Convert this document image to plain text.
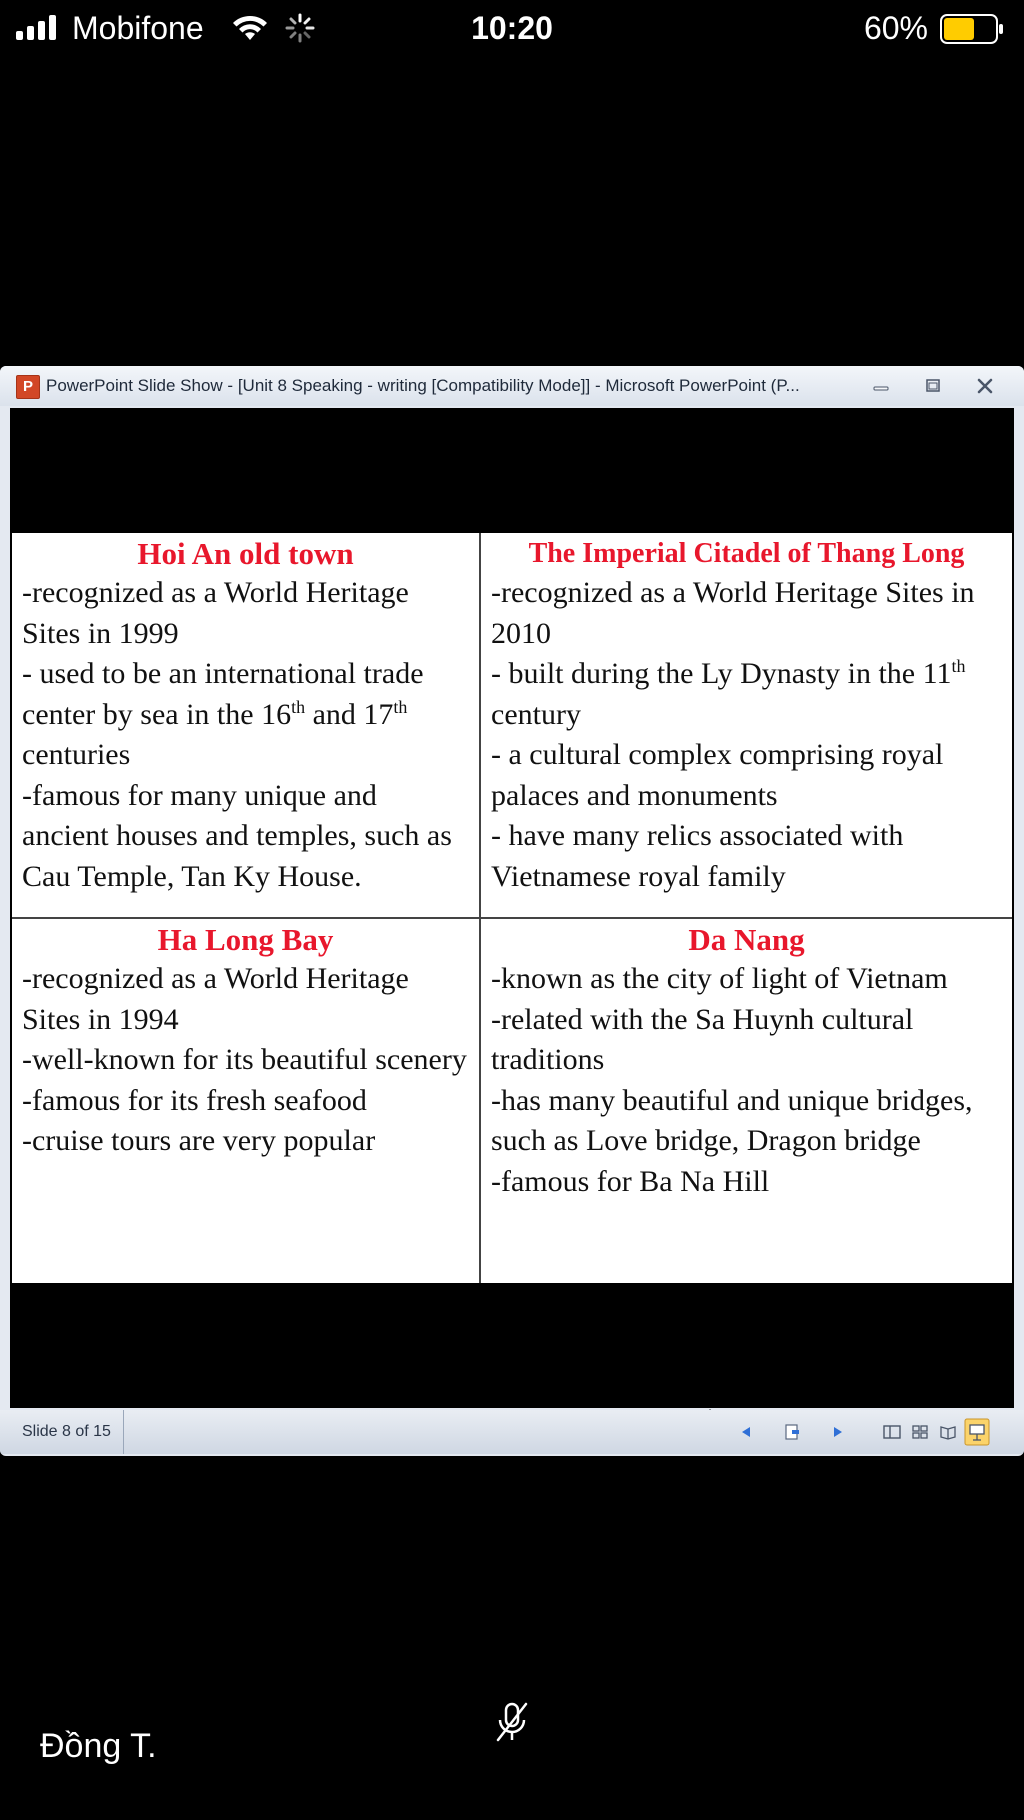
Mobifone	10:20	60%
P PowerPoint Slide Show - [Unit 8 Speaking - writing [Compatibility Mode]] - Microsoft PowerPoint (P...
Hoi An old town

-recognized as a World Heritage Sites in 1999
- used to be an international trade center by sea in the 16th and 17th centuries
-famous for many unique and ancient houses and temples, such as Cau Temple, Tan Ky House.

The Imperial Citadel of Thang Long

-recognized as a World Heritage Sites in 2010
- built during the Ly Dynasty in the 11th century
- a cultural complex comprising royal palaces and monuments
- have many relics associated with Vietnamese royal family

Ha Long Bay

-recognized as a World Heritage Sites in 1994
-well-known for its beautiful scenery
-famous for its fresh seafood
-cruise tours are very popular

Da Nang

-known as the city of light of Vietnam
-related with the Sa Huynh cultural traditions
-has many beautiful and unique bridges, such as Love bridge, Dragon bridge
-famous for Ba Na Hill

Slide 8 of 15
Đồng T.
